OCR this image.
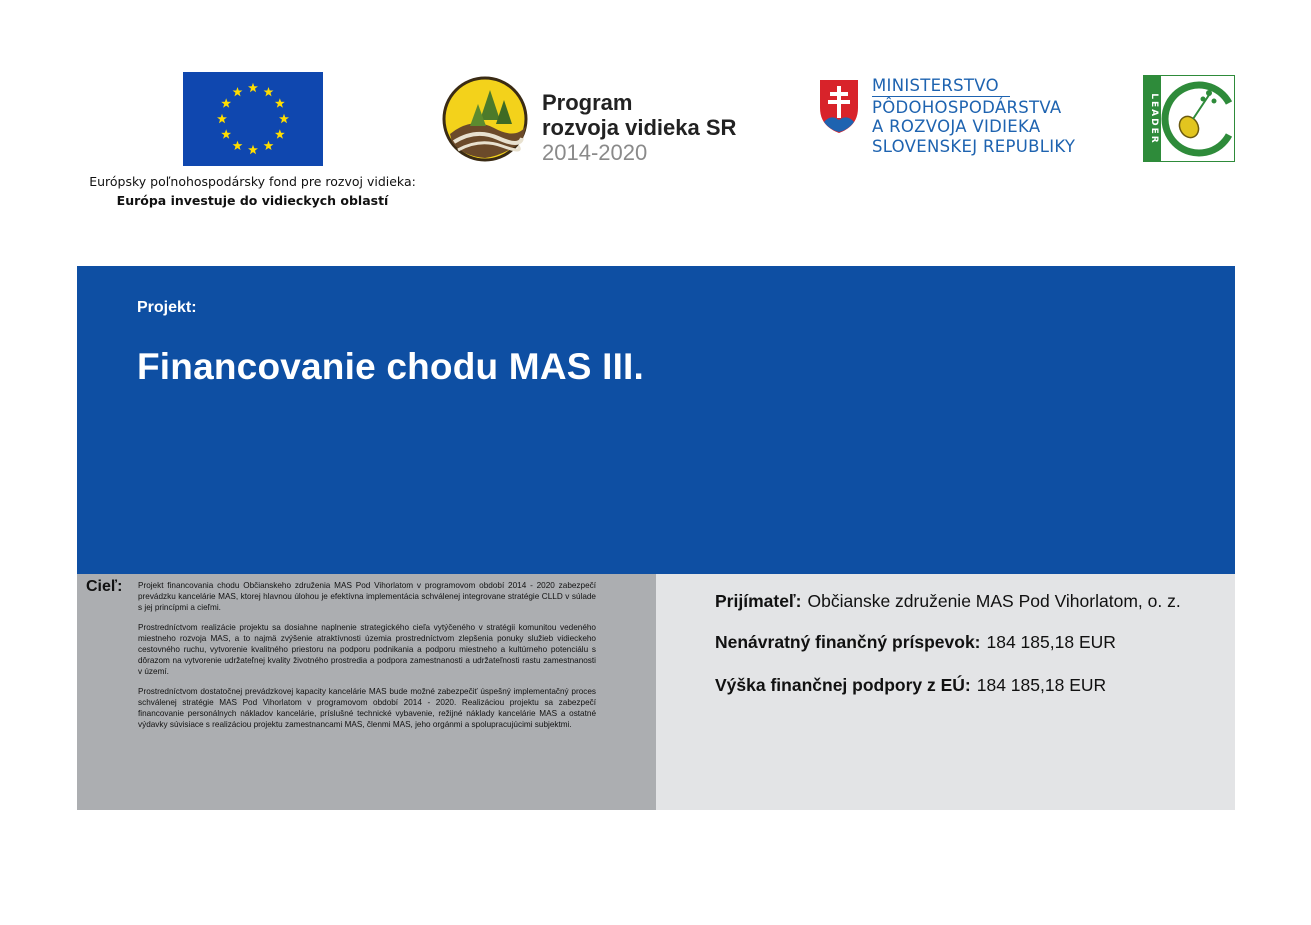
Európsky poľnohospodársky fond pre rozvoj vidieka:
Európa investuje do vidieckych oblastí
Program
rozvoja vidieka SR
2014-2020
MINISTERSTVO
PÔDOHOSPODÁRSTVA
A ROZVOJA VIDIEKA
SLOVENSKEJ REPUBLIKY
LEADER
Projekt:
Financovanie chodu MAS III.
Cieľ: Projekt financovania chodu Občianskeho združenia MAS Pod Vihorlatom v programovom období 2014 - 2020 zabezpečí prevádzku kancelárie MAS, ktorej hlavnou úlohou je efektívna implementácia schválenej integrovane stratégie CLLD v súlade s jej princípmi a cieľmi.

Prostredníctvom realizácie projektu sa dosiahne naplnenie strategického cieľa vytýčeného v stratégii komunitou vedeného miestneho rozvoja MAS, a to najmä zvýšenie atraktívnosti územia prostredníctvom zlepšenia ponuky služieb vidieckeho cestovného ruchu, vytvorenie kvalitného priestoru na podporu podnikania a podporu miestneho a kultúrneho potenciálu s dôrazom na vytvorenie udržateľnej kvality životného prostredia a podpora zamestnanosti a udržateľnosti rastu zamestnanosti v území.

Prostredníctvom dostatočnej prevádzkovej kapacity kancelárie MAS bude možné zabezpečiť úspešný implementačný proces schválenej stratégie MAS Pod Vihorlatom v programovom období 2014 - 2020. Realizáciou projektu sa zabezpečí financovanie personálnych nákladov kancelárie, príslušné technické vybavenie, režijné náklady kancelárie MAS a ostatné výdavky súvisiace s realizáciou projektu zamestnancami MAS, členmi MAS, jeho orgánmi a spolupracujúcimi subjektmi.

Prijímateľ: Občianske združenie MAS Pod Vihorlatom, o. z.
Nenávratný finančný príspevok: 184 185,18 EUR
Výška finančnej podpory z EÚ: 184 185,18 EUR
